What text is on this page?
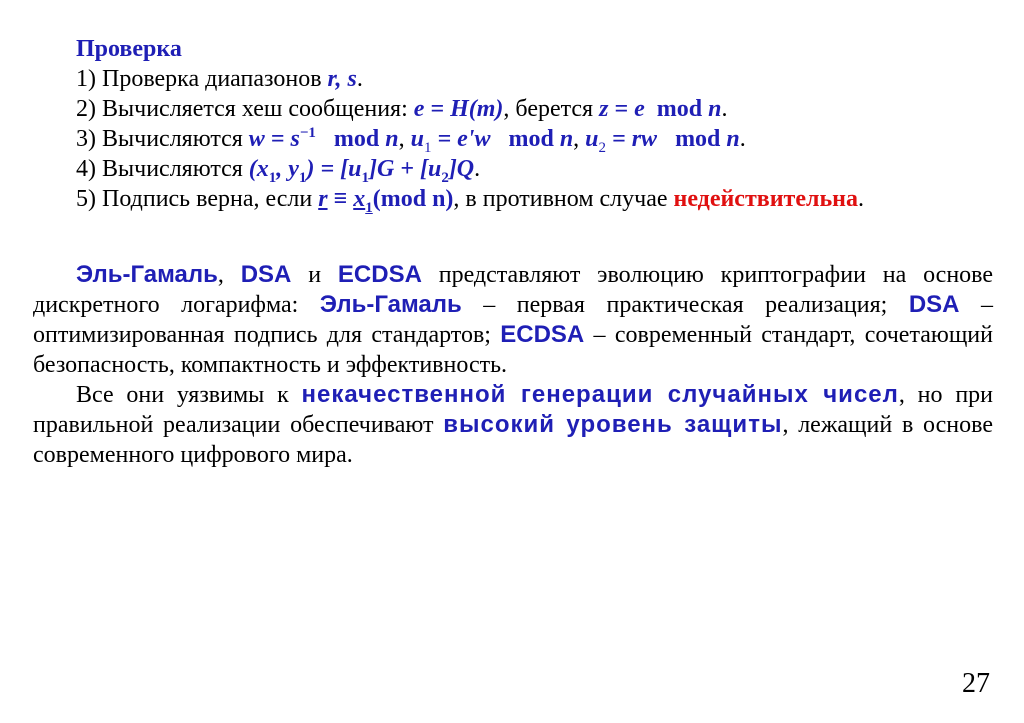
Проверка
1) Проверка диапазонов r, s.
2) Вычисляется хеш сообщения: e = H(m), берется z = e mod n.
3) Вычисляются $w = s^{-1}$ mod n, $u_1 = e'w$ mod n, $u_2$ = rw mod n.
4) Вычисляются ($x_1$, $y_1) = [u_1]G + [u_2]Q$.
5) Подпись верна, если $r \equiv x_1(mod$ n), в противном случае недействительна.

Эль-Гамаль, DSA и ECDSA представляют эволюцию криптографии на основе дискретного логарифма: Эль-Гамаль – первая практическая реализация; DSA – оптимизированная подпись для стандартов; ECDSA – современный стандарт, сочетающий безопасность, компактность и эффективность.

Все они уязвимы к некачественной генерации случайных чисел, но при правильной реализации обеспечивают высокий уровень защиты, лежащий в основе современного цифрового мира.

27
